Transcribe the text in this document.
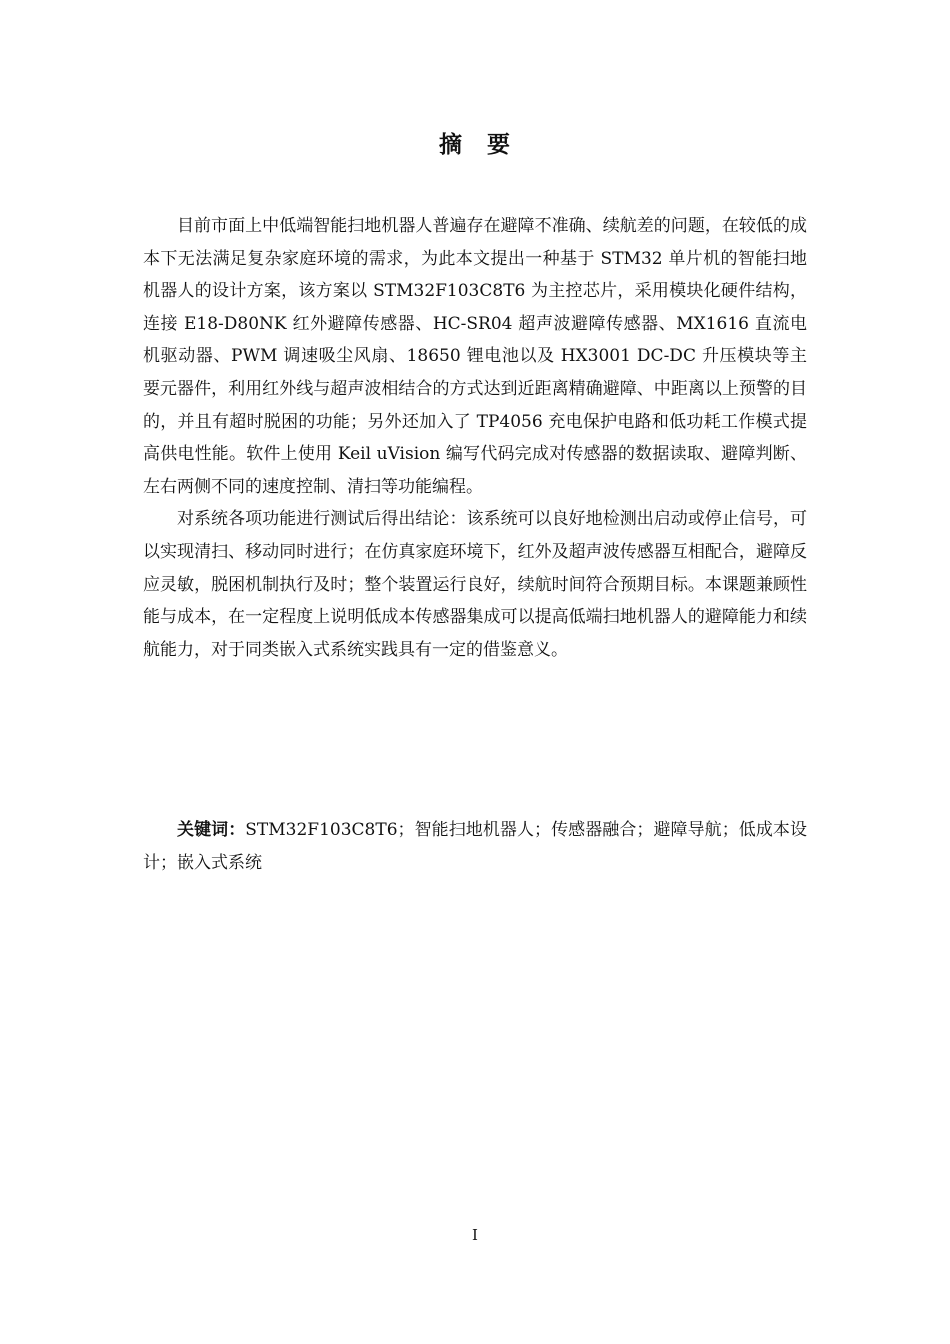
摘 要

目前市面上中低端智能扫地机器人普遍存在避障不准确、续航差的问题，在较低的成本下无法满足复杂家庭环境的需求，为此本文提出一种基于 STM32 单片机的智能扫地机器人的设计方案，该方案以 STM32F103C8T6 为主控芯片，采用模块化硬件结构，连接 E18-D80NK 红外避障传感器、HC-SR04 超声波避障传感器、MX1616 直流电机驱动器、PWM 调速吸尘风扇、18650 锂电池以及 HX3001 DC-DC 升压模块等主要元器件，利用红外线与超声波相结合的方式达到近距离精确避障、中距离以上预警的目的，并且有超时脱困的功能；另外还加入了 TP4056 充电保护电路和低功耗工作模式提高供电性能。软件上使用 Keil uVision 编写代码完成对传感器的数据读取、避障判断、左右两侧不同的速度控制、清扫等功能编程。

对系统各项功能进行测试后得出结论：该系统可以良好地检测出启动或停止信号，可以实现清扫、移动同时进行；在仿真家庭环境下，红外及超声波传感器互相配合，避障反应灵敏，脱困机制执行及时；整个装置运行良好，续航时间符合预期目标。本课题兼顾性能与成本，在一定程度上说明低成本传感器集成可以提高低端扫地机器人的避障能力和续航能力，对于同类嵌入式系统实践具有一定的借鉴意义。

关键词：STM32F103C8T6；智能扫地机器人；传感器融合；避障导航；低成本设计；嵌入式系统
I
